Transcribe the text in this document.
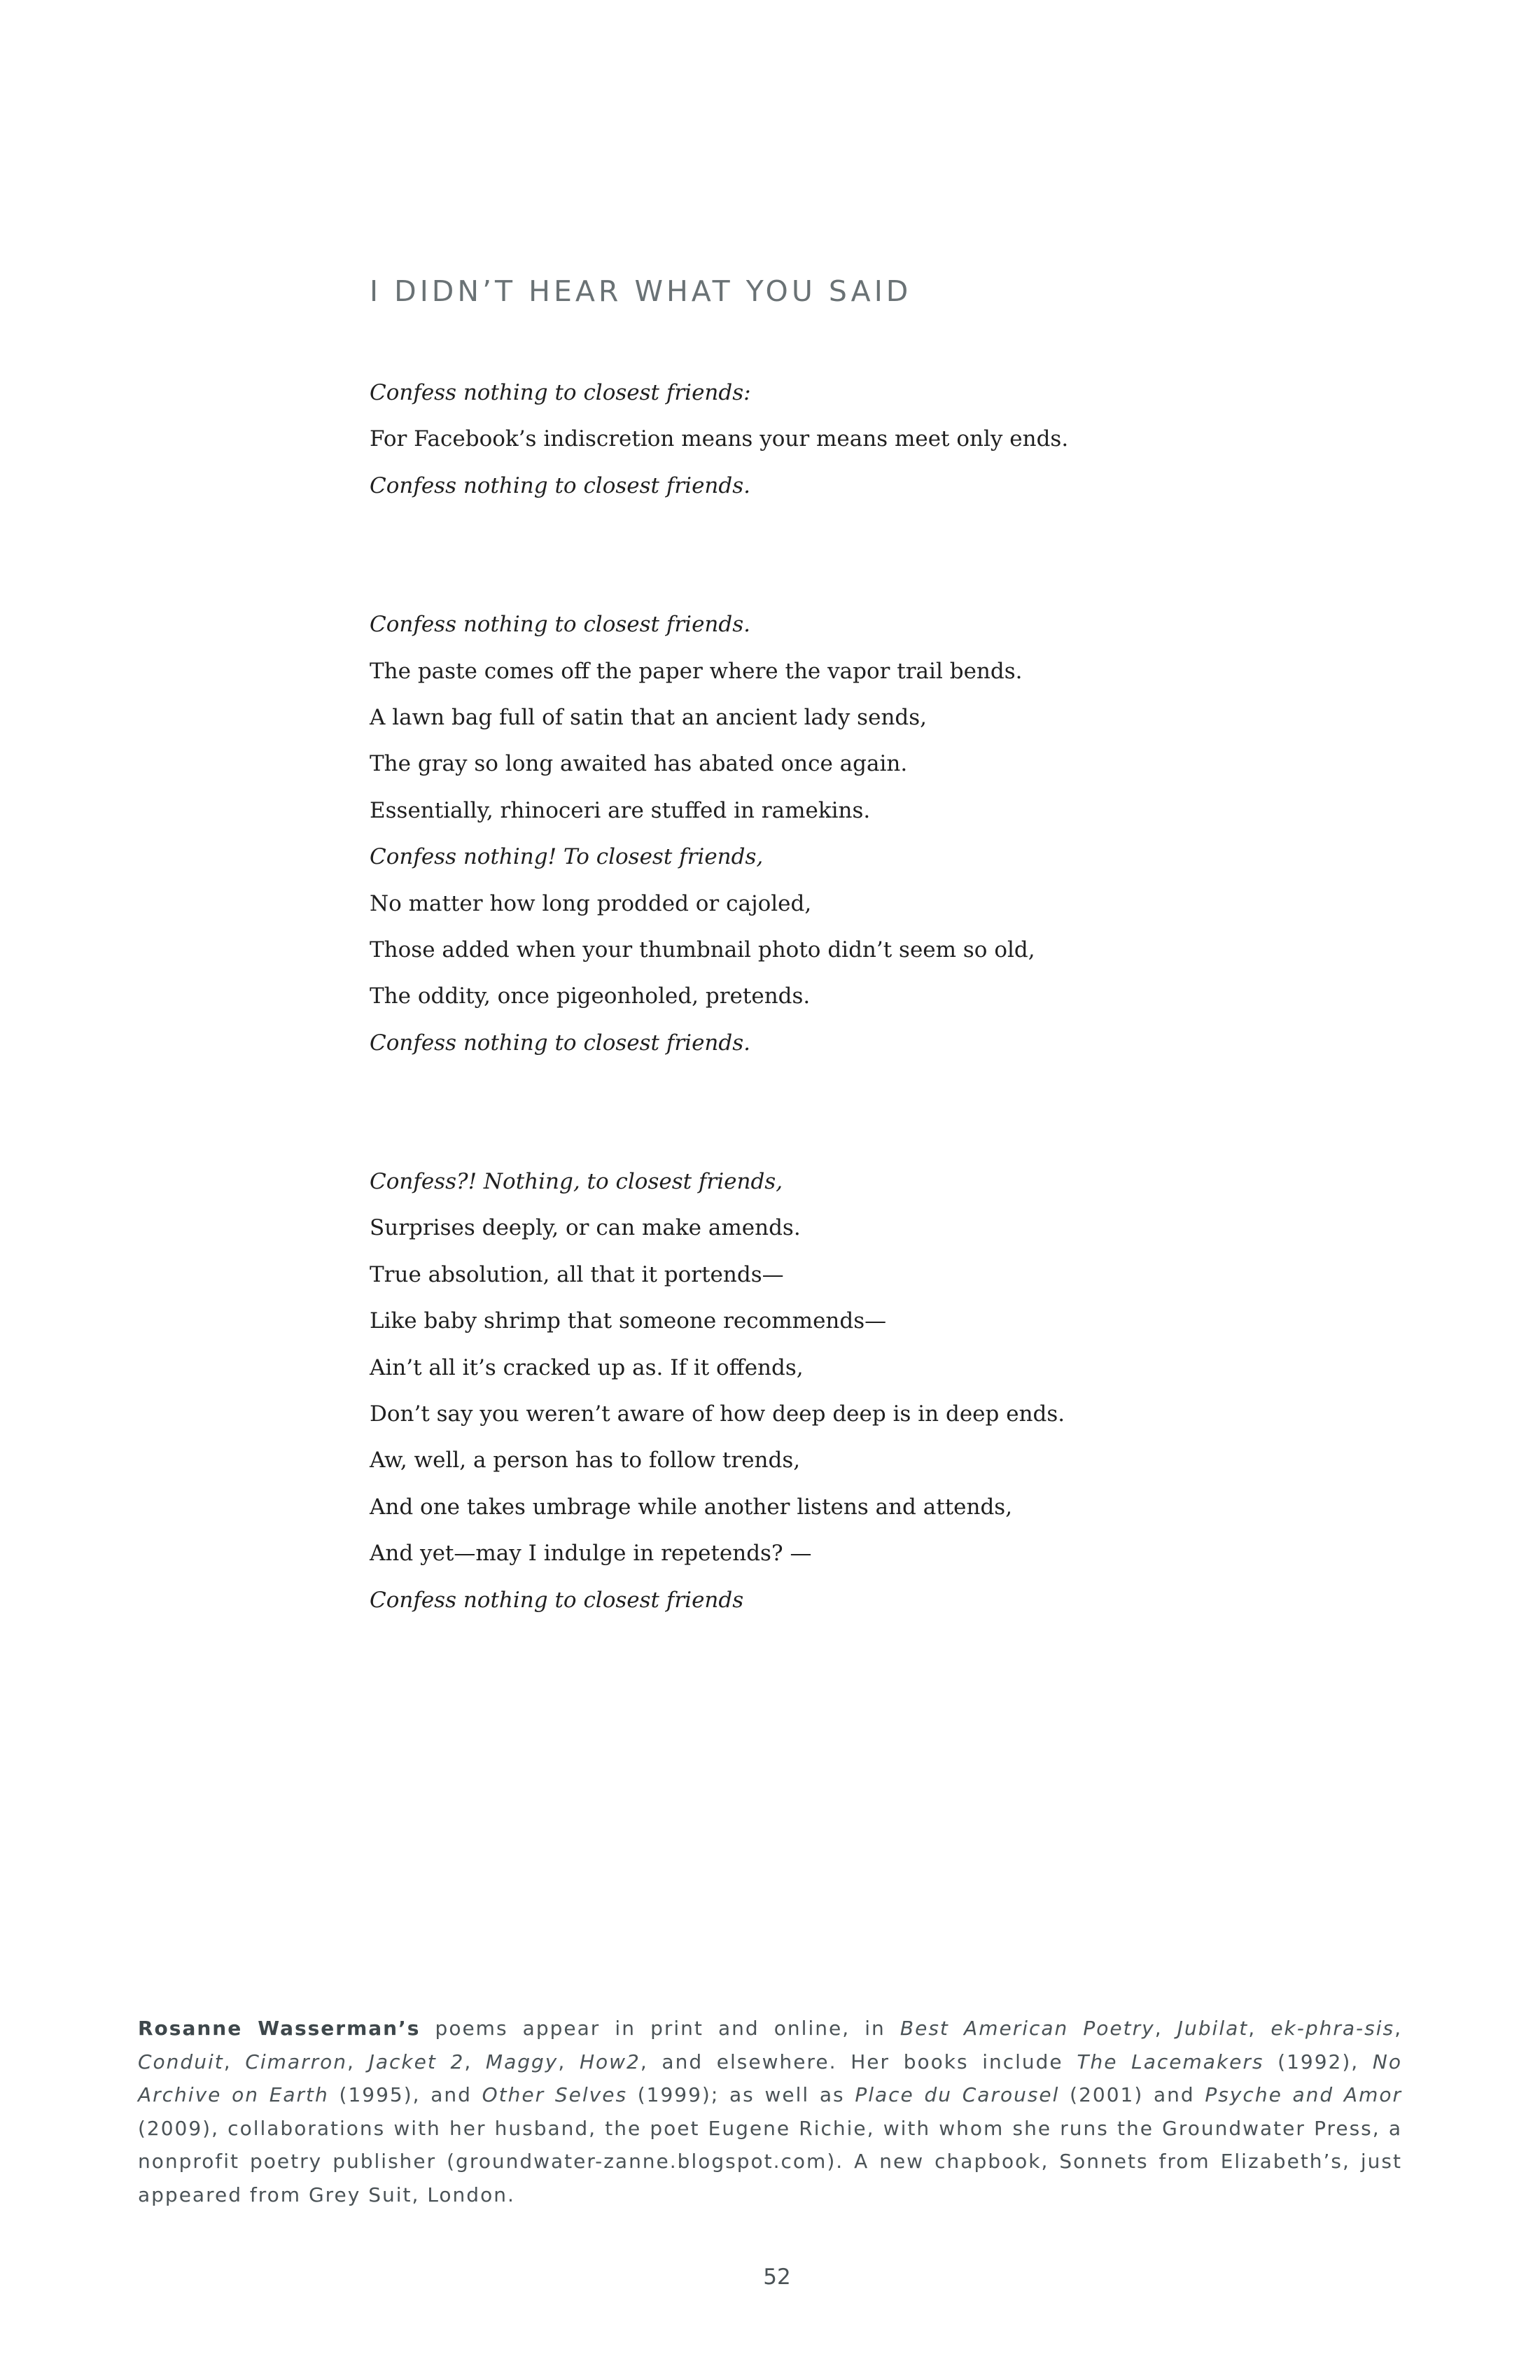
I DIDN’T HEAR WHAT YOU SAID
Confess nothing to closest friends:
For Facebook’s indiscretion means your means meet only ends.
Confess nothing to closest friends.
Confess nothing to closest friends.
The paste comes off the paper where the vapor trail bends.
A lawn bag full of satin that an ancient lady sends,
The gray so long awaited has abated once again.
Essentially, rhinoceri are stuffed in ramekins.
Confess nothing! To closest friends,
No matter how long prodded or cajoled,
Those added when your thumbnail photo didn’t seem so old,
The oddity, once pigeonholed, pretends.
Confess nothing to closest friends.
Confess?! Nothing, to closest friends,
Surprises deeply, or can make amends.
True absolution, all that it portends—
Like baby shrimp that someone recommends—
Ain’t all it’s cracked up as. If it offends,
Don’t say you weren’t aware of how deep deep is in deep ends.
Aw, well, a person has to follow trends,
And one takes umbrage while another listens and attends,
And yet—may I indulge in repetends? —
Confess nothing to closest friends

Rosanne Wasserman’s poems appear in print and online, in Best American Poetry, Jubilat, ek-phra-sis, Conduit, Cimarron, Jacket 2, Maggy, How2, and elsewhere. Her books include The Lacemakers (1992), No Archive on Earth (1995), and Other Selves (1999); as well as Place du Carousel (2001) and Psyche and Amor (2009), collaborations with her husband, the poet Eugene Richie, with whom she runs the Groundwater Press, a nonprofit poetry publisher (groundwater-zanne.blogspot.com). A new chapbook, Sonnets from Elizabeth’s, just appeared from Grey Suit, London.

52
